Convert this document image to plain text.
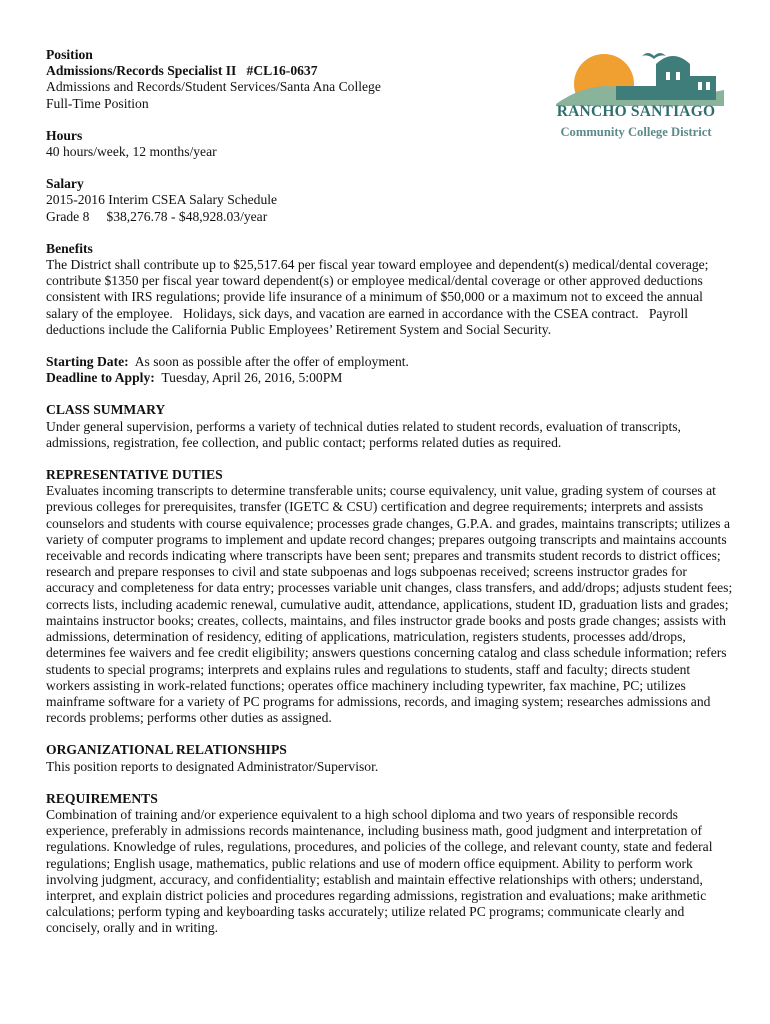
RANCHO SANTIAGO
Community College District

Position

Admissions/Records Specialist II   #CL16-0637

Admissions and Records/Student Services/Santa Ana College

Full-Time Position

Hours

40 hours/week, 12 months/year

Salary

2015-2016 Interim CSEA Salary Schedule

Grade 8     $38,276.78 - $48,928.03/year

Benefits

The District shall contribute up to $25,517.64 per fiscal year toward employee and dependent(s) medical/dental coverage; contribute $1350 per fiscal year toward dependent(s) or employee medical/dental coverage or other approved deductions consistent with IRS regulations; provide life insurance of a minimum of $50,000 or a maximum not to exceed the annual salary of the employee.   Holidays, sick days, and vacation are earned in accordance with the CSEA contract.   Payroll deductions include the California Public Employees’ Retirement System and Social Security.

Starting Date:  As soon as possible after the offer of employment.

Deadline to Apply:  Tuesday, April 26, 2016, 5:00PM

CLASS SUMMARY

Under general supervision, performs a variety of technical duties related to student records, evaluation of transcripts, admissions, registration, fee collection, and public contact; performs related duties as required.

REPRESENTATIVE DUTIES

Evaluates incoming transcripts to determine transferable units; course equivalency, unit value, grading system of courses at previous colleges for prerequisites, transfer (IGETC & CSU) certification and degree requirements; interprets and assists counselors and students with course equivalence; processes grade changes, G.P.A. and grades, maintains transcripts; utilizes a variety of computer programs to implement and update record changes; prepares outgoing transcripts and maintains accounts receivable and records indicating where transcripts have been sent; prepares and transmits student records to district offices; research and prepare responses to civil and state subpoenas and logs subpoenas received; screens instructor grades for accuracy and completeness for data entry; processes variable unit changes, class transfers, and add/drops; adjusts student fees; corrects lists, including academic renewal, cumulative audit, attendance, applications, student ID, graduation lists and grades; maintains instructor books; creates, collects, maintains, and files instructor grade books and posts grade changes; assists with admissions, determination of residency, editing of applications, matriculation, registers students, processes add/drops, determines fee waivers and fee credit eligibility; answers questions concerning catalog and class schedule information; refers students to special programs; interprets and explains rules and regulations to students, staff and faculty; directs student workers assisting in work-related functions; operates office machinery including typewriter, fax machine, PC; utilizes mainframe software for a variety of PC programs for admissions, records, and imaging system; researches admissions and records problems; performs other duties as assigned.

ORGANIZATIONAL RELATIONSHIPS

This position reports to designated Administrator/Supervisor.

REQUIREMENTS

Combination of training and/or experience equivalent to a high school diploma and two years of responsible records experience, preferably in admissions records maintenance, including business math, good judgment and interpretation of regulations. Knowledge of rules, regulations, procedures, and policies of the college, and relevant county, state and federal regulations; English usage, mathematics, public relations and use of modern office equipment. Ability to perform work involving judgment, accuracy, and confidentiality; establish and maintain effective relationships with others; understand, interpret, and explain district policies and procedures regarding admissions, registration and evaluations; make arithmetic calculations; perform typing and keyboarding tasks accurately; utilize related PC programs; communicate clearly and concisely, orally and in writing.
